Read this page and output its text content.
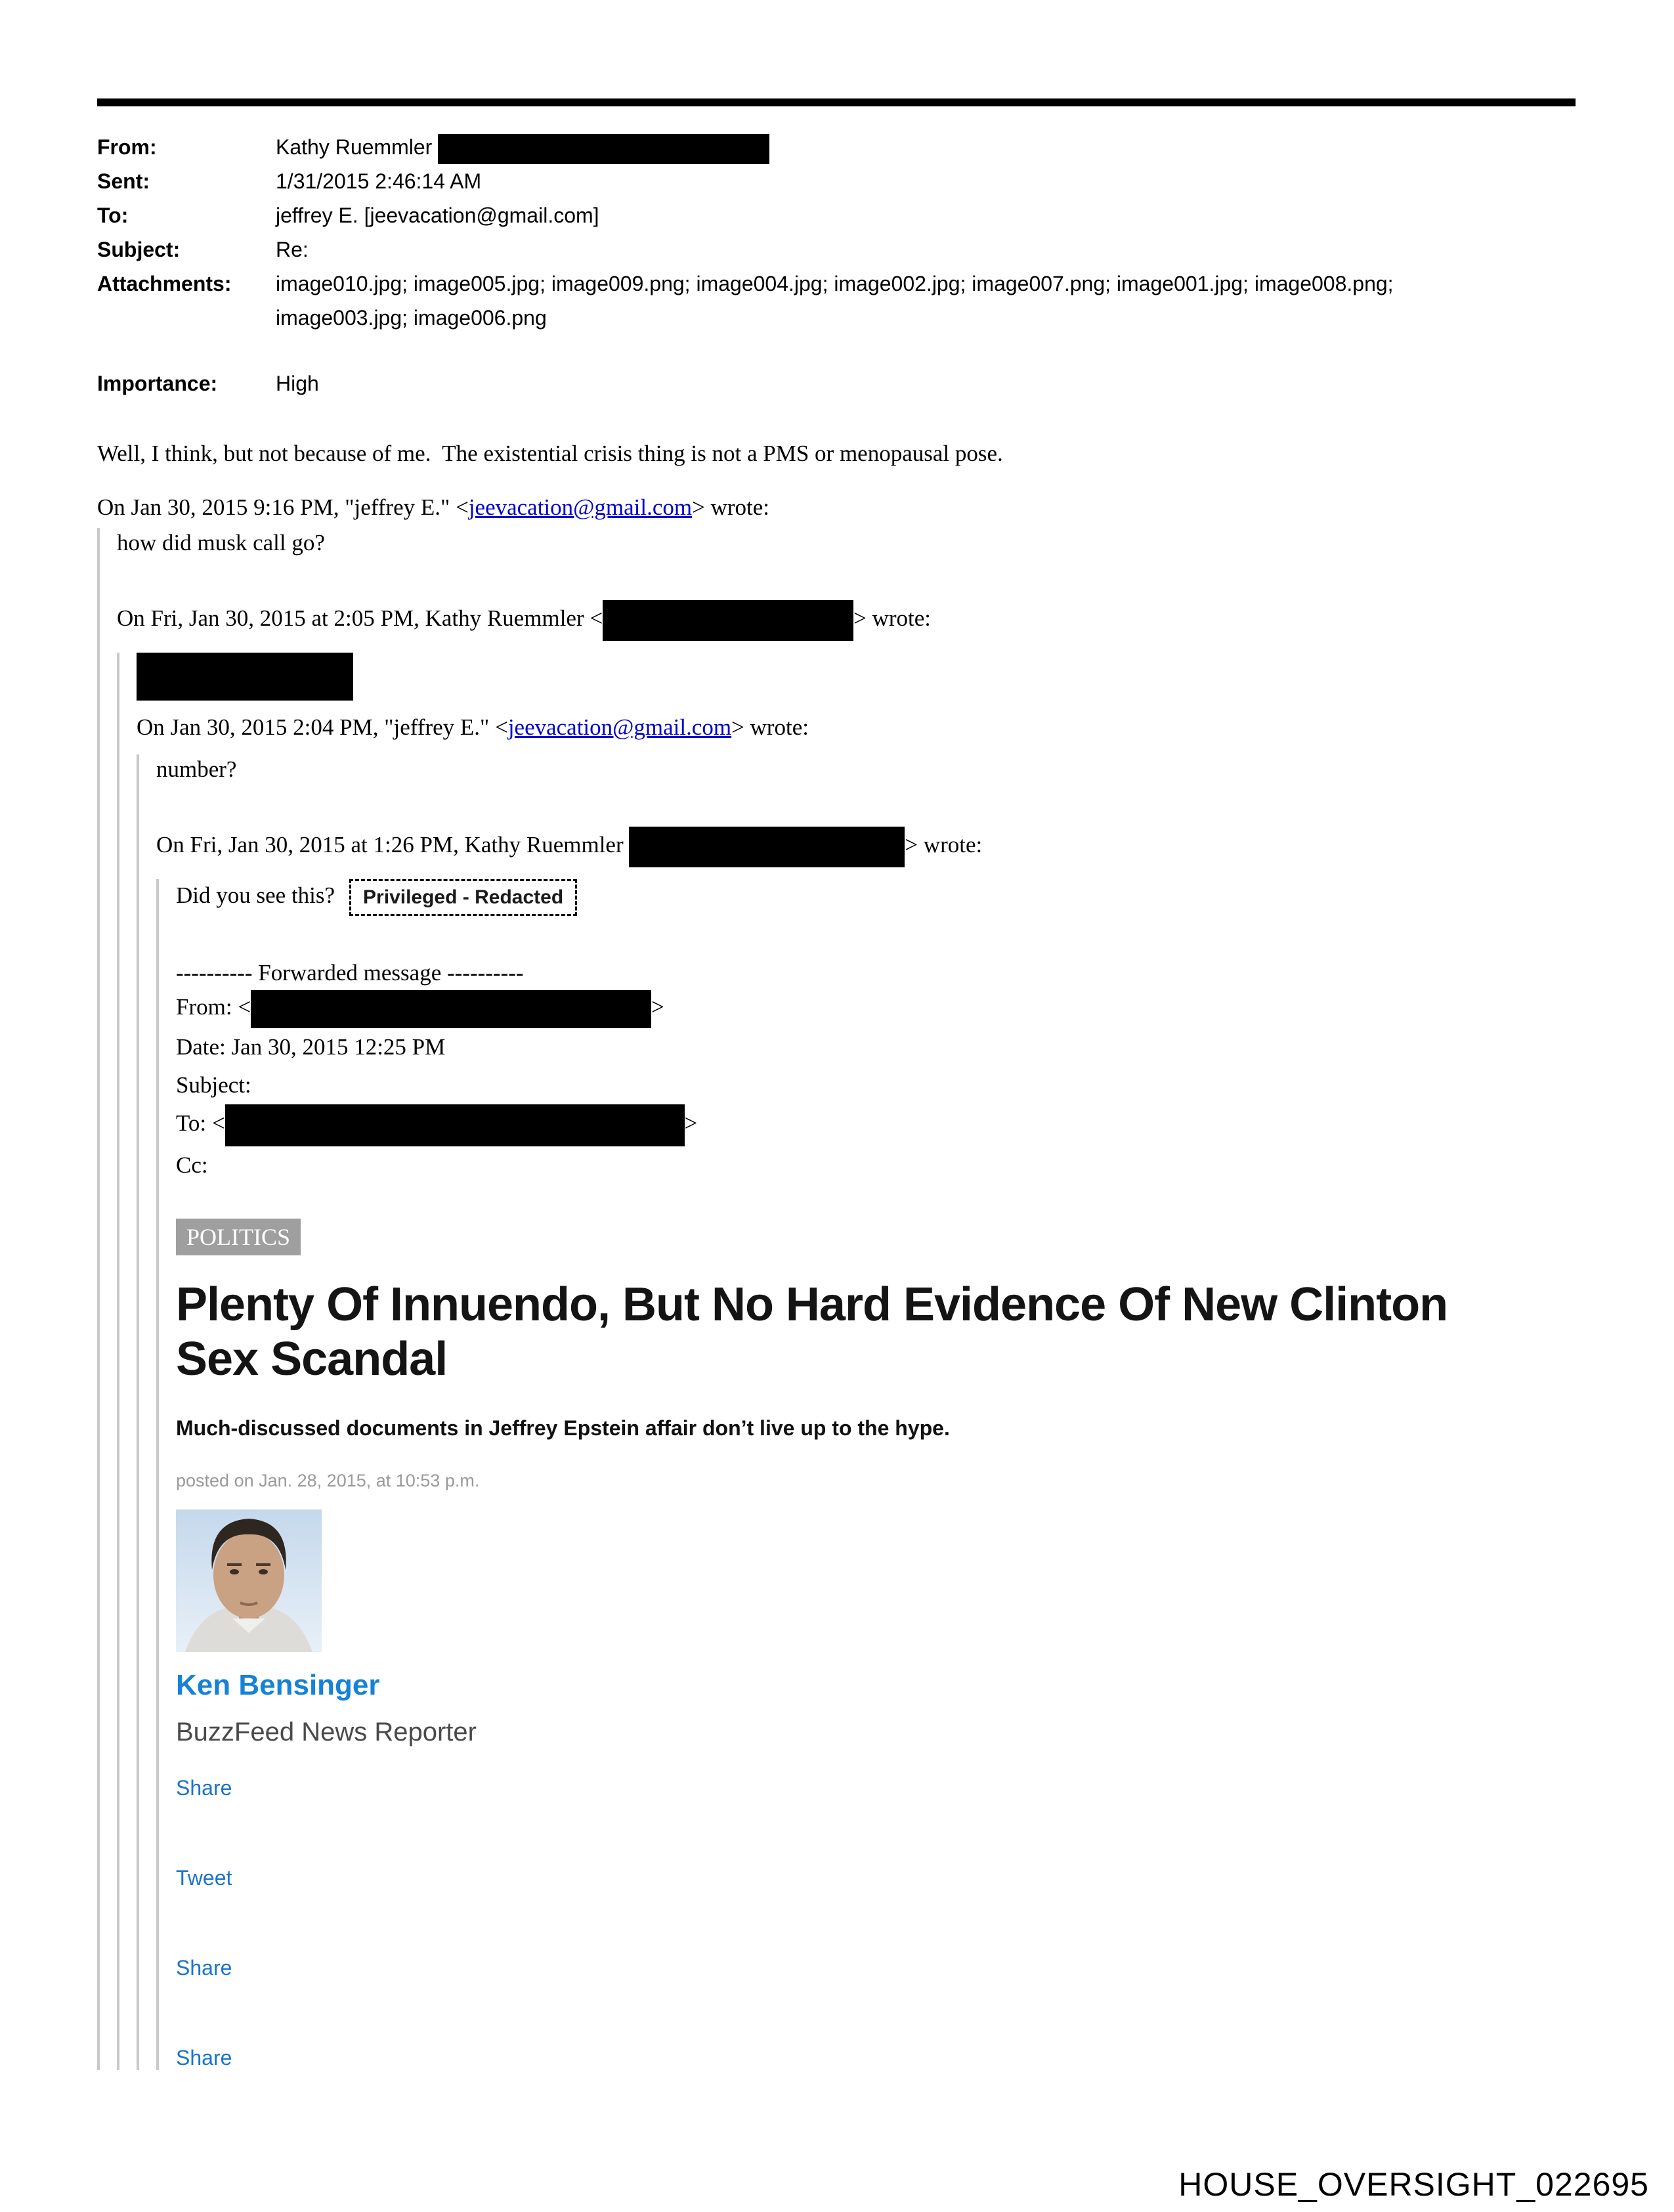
From:	Kathy Ruemmler
Sent:	1/31/2015 2:46:14 AM
To:	jeffrey E. [jeevacation@gmail.com]
Subject:	Re:
Attachments:	image010.jpg; image005.jpg; image009.png; image004.jpg; image002.jpg; image007.png; image001.jpg; image008.png; image003.jpg; image006.png
Importance:	High
Well, I think, but not because of me.  The existential crisis thing is not a PMS or menopausal pose.
On Jan 30, 2015 9:16 PM, "jeffrey E." <jeevacation@gmail.com> wrote:
how did musk call go?
On Fri, Jan 30, 2015 at 2:05 PM, Kathy Ruemmler <	> wrote:
On Jan 30, 2015 2:04 PM, "jeffrey E." <jeevacation@gmail.com> wrote:
number?
On Fri, Jan 30, 2015 at 1:26 PM, Kathy Ruemmler	> wrote:
Did you see this? Privileged - Redacted
---------- Forwarded message ----------
From: <	>
Date: Jan 30, 2015 12:25 PM
Subject:
To: <	>
Cc:
POLITICS
Plenty Of Innuendo, But No Hard Evidence Of New Clinton Sex Scandal
Much-discussed documents in Jeffrey Epstein affair don’t live up to the hype.
posted on Jan. 28, 2015, at 10:53 p.m.
Ken Bensinger
BuzzFeed News Reporter
Share
Tweet
Share
Share
HOUSE_OVERSIGHT_022695
